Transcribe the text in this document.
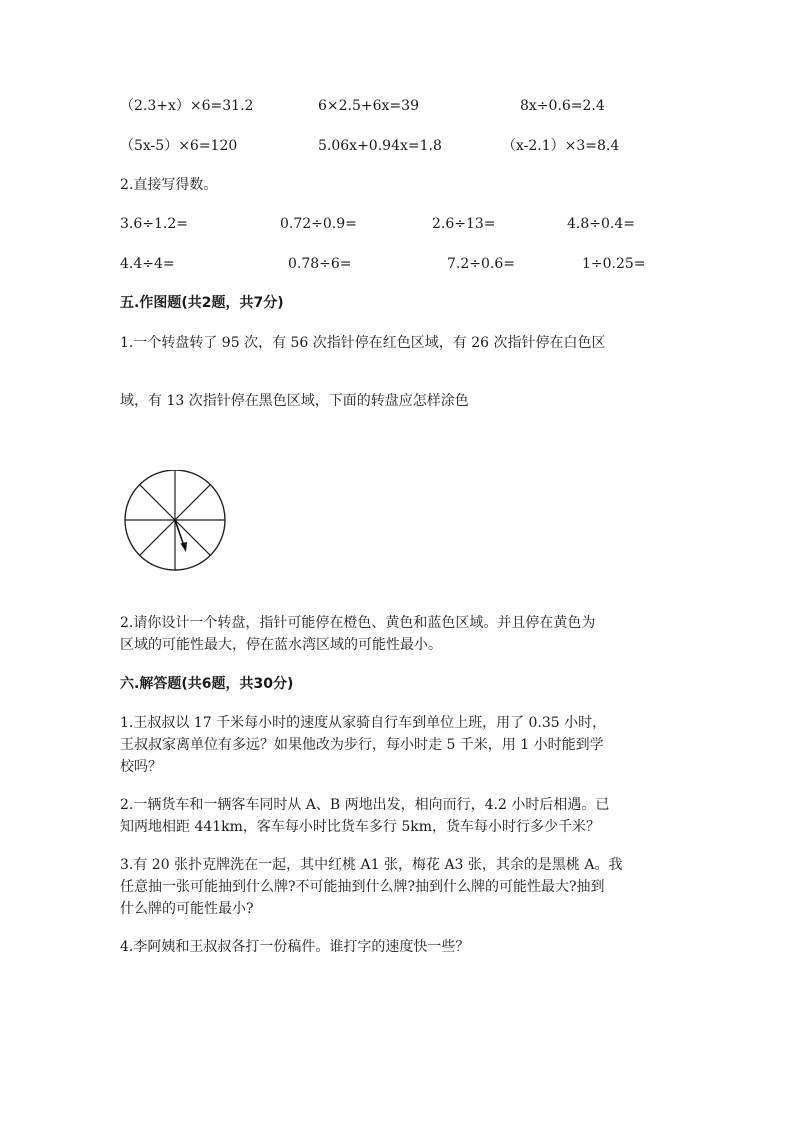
（2.3+x）×6=31.2	6×2.5+6x=39	8x÷0.6=2.4
（5x-5）×6=120	5.06x+0.94x=1.8	（x-2.1）×3=8.4
2.直接写得数。
3.6÷1.2=	0.72÷0.9=	2.6÷13=	4.8÷0.4=
4.4÷4=	0.78÷6=	7.2÷0.6=	1÷0.25=
五.作图题(共2题，共7分)
1.一个转盘转了 95 次，有 56 次指针停在红色区域，有 26 次指针停在白色区
域，有 13 次指针停在黑色区域，下面的转盘应怎样涂色
2.请你设计一个转盘，指针可能停在橙色、黄色和蓝色区域。并且停在黄色为
区域的可能性最大，停在蓝水湾区域的可能性最小。
六.解答题(共6题，共30分)
1.王叔叔以 17 千米每小时的速度从家骑自行车到单位上班，用了 0.35 小时，
王叔叔家离单位有多远？如果他改为步行，每小时走 5 千米，用 1 小时能到学
校吗？
2.一辆货车和一辆客车同时从 A、B 两地出发，相向而行，4.2 小时后相遇。已
知两地相距 441km，客车每小时比货车多行 5km，货车每小时行多少千米？
3.有 20 张扑克牌洗在一起，其中红桃 A1 张，梅花 A3 张，其余的是黑桃 A。我
任意抽一张可能抽到什么牌?不可能抽到什么牌?抽到什么牌的可能性最大?抽到
什么牌的可能性最小?
4.李阿姨和王叔叔各打一份稿件。谁打字的速度快一些？
